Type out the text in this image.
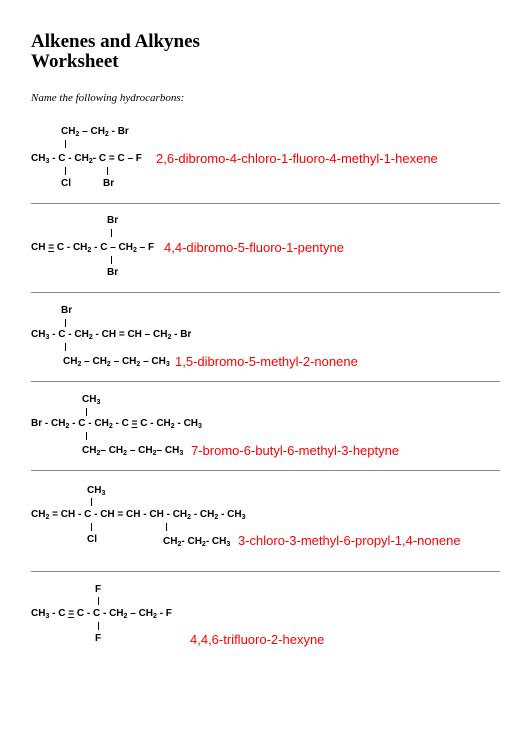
Alkenes and Alkynes
Worksheet
Name the following hydrocarbons:
$CH_2 - CH_2$ - Br
$CH_3$ - C - $CH_2-$ C = C – F
Cl	Br
2,6-dibromo-4-chloro-1-fluoro-4-methyl-1-hexene
Br
CH = C - $CH_2$ - C – $CH_2$ – F
Br
4,4-dibromo-5-fluoro-1-pentyne
Br
$CH_3$ - C - $CH_2$ - CH = CH – $CH_2$ - Br
$CH_2 - CH_2 - CH_2 - CH_3$ 1,5-dibromo-5-methyl-2-nonene
$CH_3$
$Br - CH_2 - C - CH_2 - C = C - CH_2 - CH_3$
$CH_2-$ $CH_2 - CH_2-$ $CH_3$ 7-bromo-6-butyl-6-methyl-3-heptyne
$CH_3$
$CH_2$ = CH - C - CH = CH - CH - $CH_2 - CH_2 - CH_3$
Cl	$CH_2-$ $CH_2-$ $CH_3$ 3-chloro-3-methyl-6-propyl-1,4-nonene
F
$CH_3 - C = C - C - CH_2 - CH_2 - F$
F	4,4,6-trifluoro-2-hexyne
